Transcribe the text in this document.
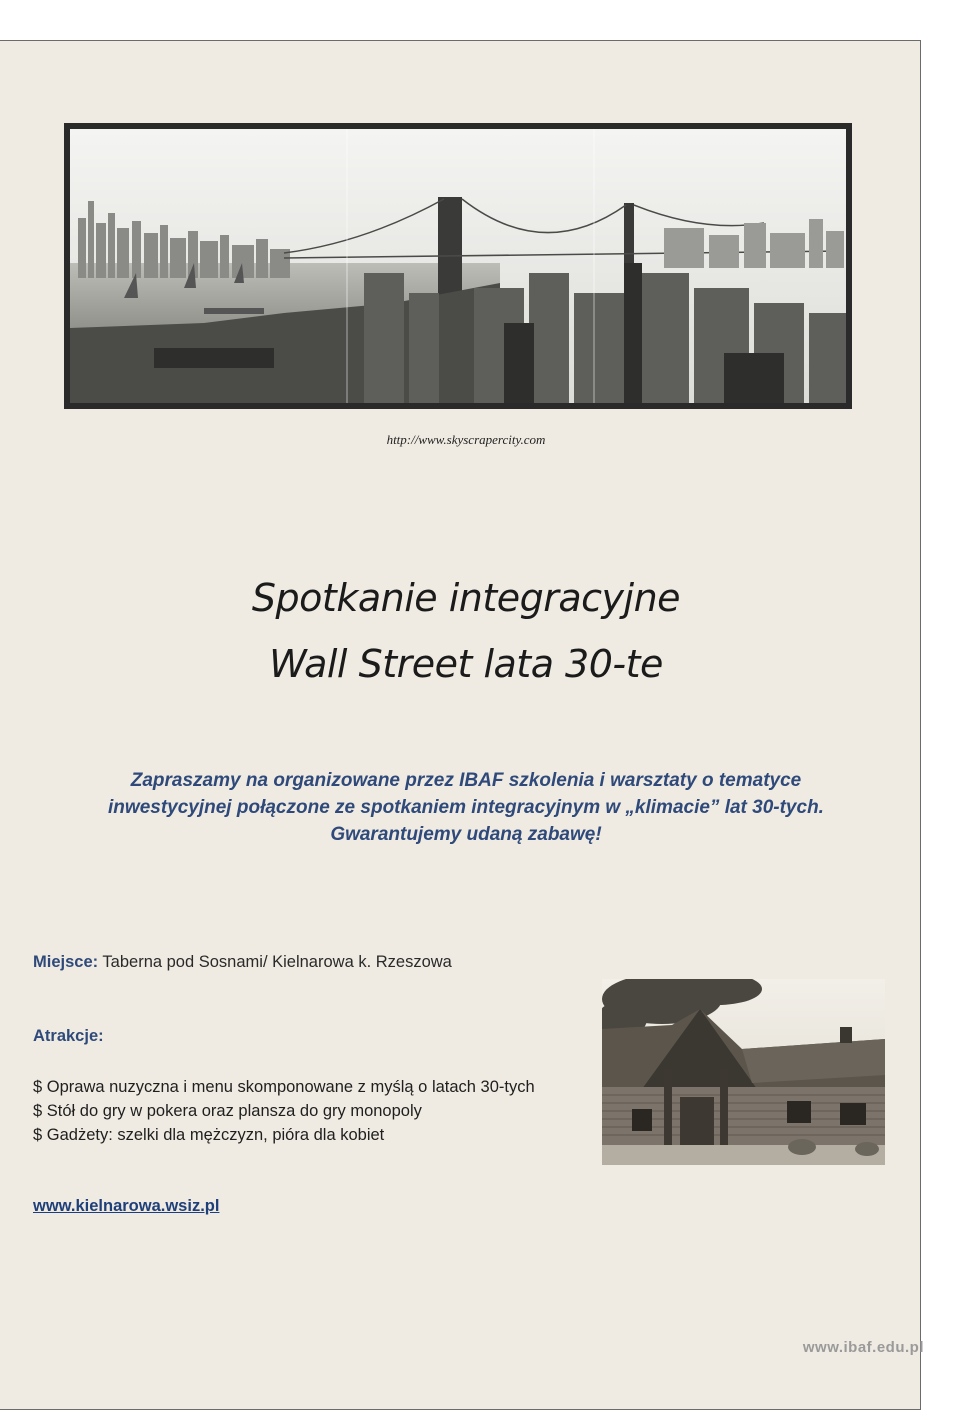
http://www.skyscrapercity.com
Spotkanie integracyjne
Wall Street lata 30-te
Zapraszamy na organizowane przez IBAF szkolenia i warsztaty o tematyce
inwestycyjnej połączone ze spotkaniem integracyjnym w „klimacie” lat 30-tych.
Gwarantujemy udaną zabawę!
Miejsce: Taberna pod Sosnami/ Kielnarowa k. Rzeszowa
Atrakcje:
$ Oprawa nuzyczna i menu skomponowane z myślą o latach 30-tych
$ Stół do gry w pokera oraz plansza do gry monopoly
$ Gadżety: szelki dla mężczyzn, pióra dla kobiet
www.kielnarowa.wsiz.pl
www.ibaf.edu.pl
